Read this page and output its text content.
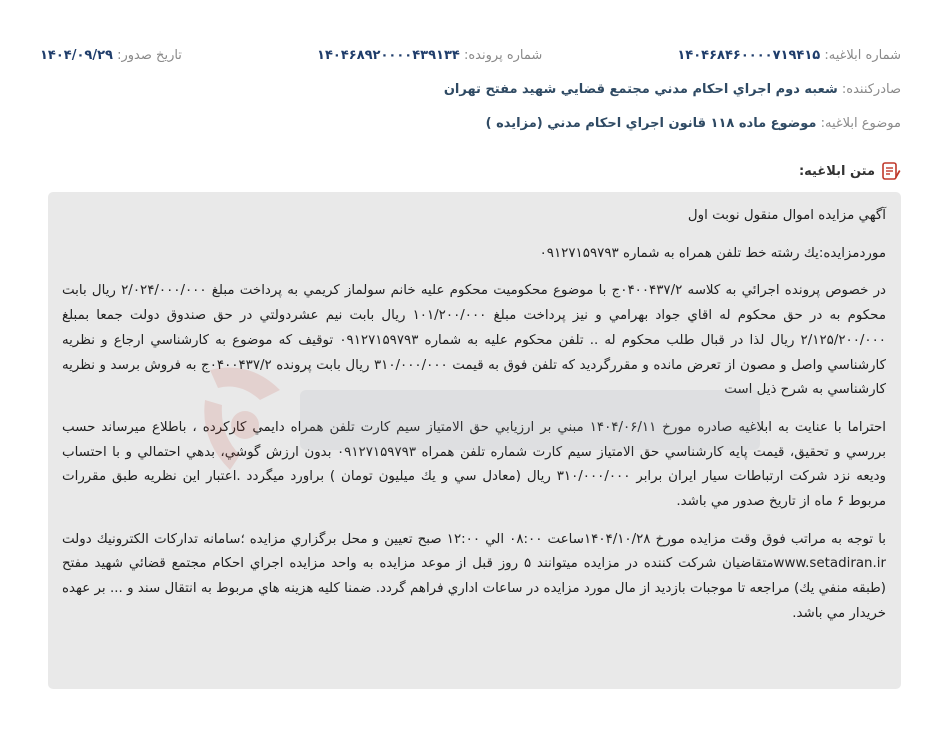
شماره ابلاغيه: ۱۴۰۴۶۸۴۶۰۰۰۰۷۱۹۴۱۵
شماره پرونده: ۱۴۰۴۶۸۹۲۰۰۰۰۴۳۹۱۳۴
تاريخ صدور: ۱۴۰۴/۰۹/۲۹
صادرکننده: شعبه دوم اجراي احكام مدني مجتمع قضايي شهيد مفتح تهران
موضوع ابلاغيه: موضوع ماده ۱۱۸ قانون اجراي احكام مدني (مزايده )
متن ابلاغيه:

آگهي مزايده اموال منقول نوبت اول

موردمزايده:يك رشته خط تلفن همراه به شماره ۰۹۱۲۷۱۵۹۷۹۳

در خصوص پرونده اجرائي به كلاسه ۰۴۰۰۴۳۷/۲ج با موضوع محكوميت محكوم عليه خانم سولماز كريمي به پرداخت مبلغ ۲/۰۲۴/۰۰۰/۰۰۰ ريال بابت محكوم به در حق محكوم له اقاي جواد بهرامي و نيز پرداخت مبلغ ۱۰۱/۲۰۰/۰۰۰ ريال بابت نيم عشردولتي در حق صندوق دولت جمعا بمبلغ ۲/۱۲۵/۲۰۰/۰۰۰ ريال لذا در قبال طلب محكوم له .. تلفن محكوم عليه به شماره ۰۹۱۲۷۱۵۹۷۹۳ توقيف كه موضوع به كارشناسي ارجاع و نظريه كارشناسي واصل و مصون از تعرض مانده و مقررگرديد كه تلفن فوق به قيمت ۳۱۰/۰۰۰/۰۰۰ ريال بابت پرونده ۰۴۰۰۴۳۷/۲ج به فروش برسد و نظريه كارشناسي به شرح ذيل است

احتراما با عنايت به ابلاغيه صادره مورخ ۱۴۰۴/۰۶/۱۱ مبني بر ارزيابي حق الامتياز سيم كارت تلفن همراه دايمي كاركرده ، باطلاع ميرساند حسب بررسي و تحقيق، قيمت پايه كارشناسي حق الامتياز سيم كارت شماره تلفن همراه ۰۹۱۲۷۱۵۹۷۹۳ بدون ارزش گوشي، بدهي احتمالي و با احتساب وديعه نزد شركت ارتباطات سيار ايران برابر ۳۱۰/۰۰۰/۰۰۰ ريال (معادل سي و يك ميليون تومان ) براورد ميگردد .اعتبار اين نظريه طبق مقررات مربوط ۶ ماه از تاريخ صدور مي باشد.

با توجه به مراتب فوق وقت مزايده مورخ ۱۴۰۴/۱۰/۲۸ساعت ۰۸:۰۰ الي ۱۲:۰۰ صبح تعيين و محل برگزاري مزايده ؛سامانه تداركات الكترونيك دولت www.setadiran.irمتقاضيان شركت كننده در مزايده ميتوانند ۵ روز قبل از موعد مزايده به واحد مزايده اجراي احكام مجتمع قضائي شهيد مفتح (طبقه منفي يك) مراجعه تا موجبات بازديد از مال مورد مزايده در ساعات اداري فراهم گردد. ضمنا كليه هزينه هاي مربوط به انتقال سند و ... بر عهده خريدار مي باشد.
